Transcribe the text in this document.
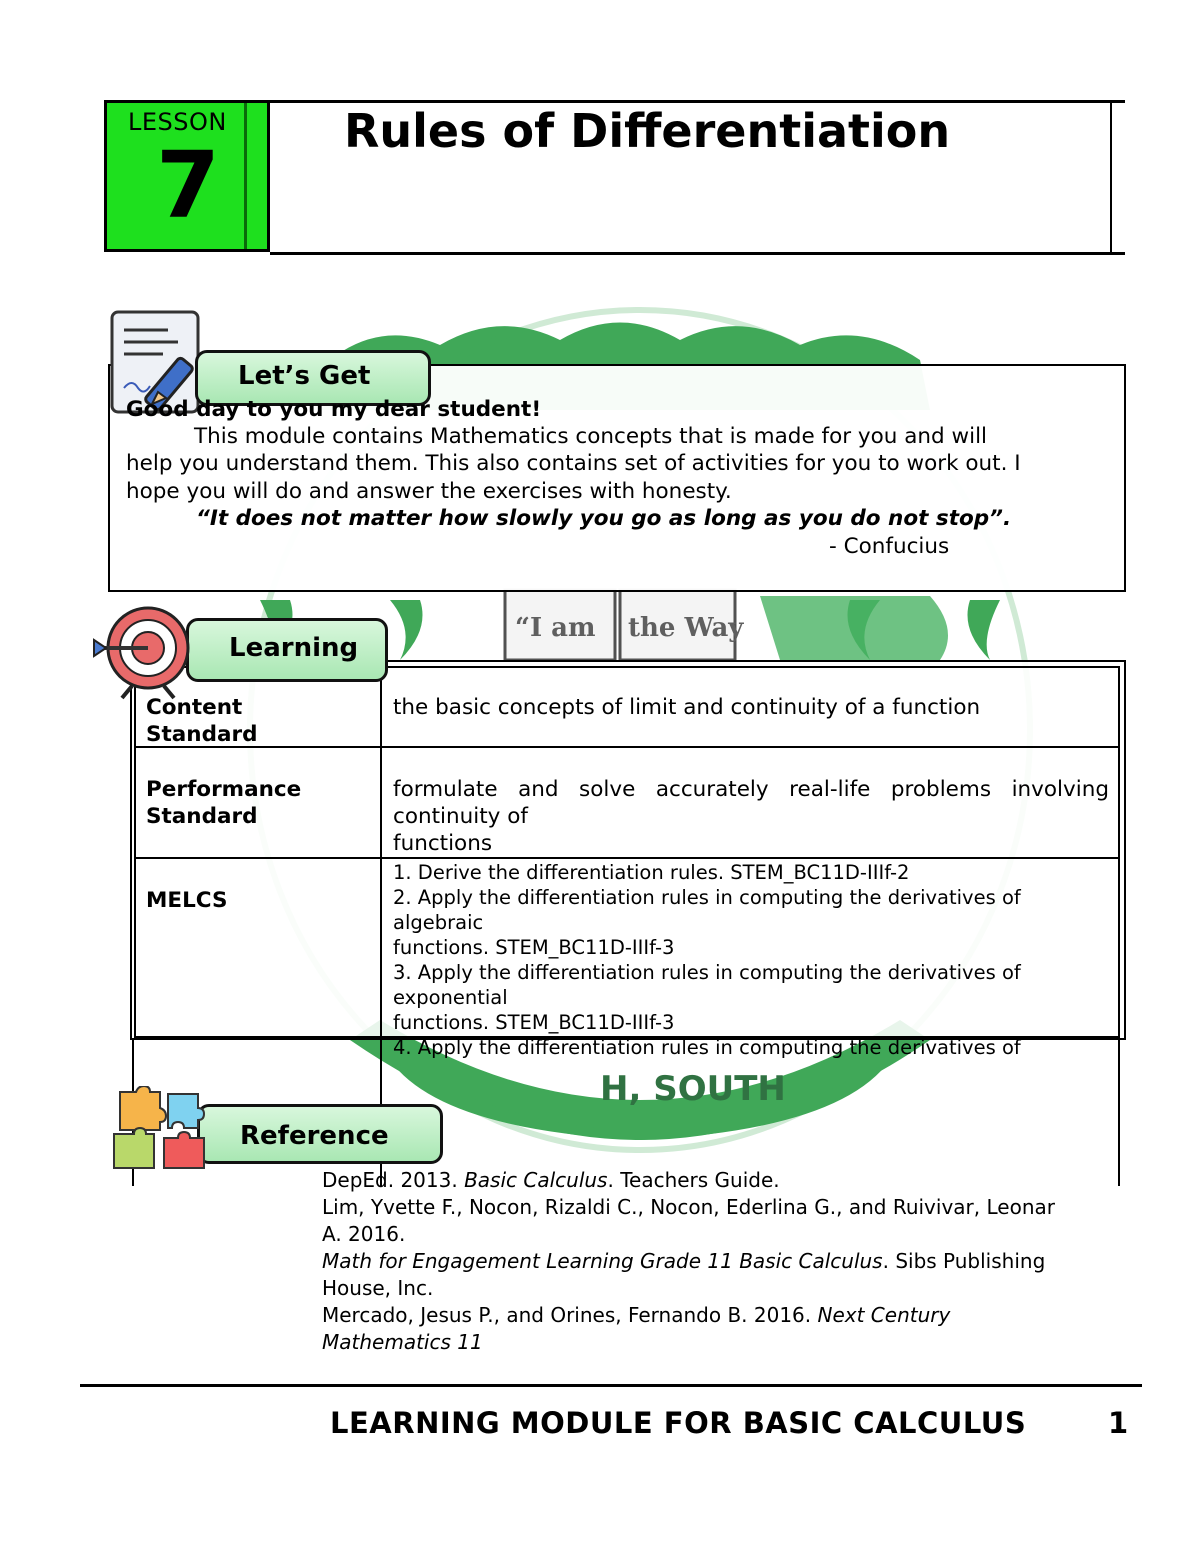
“I am the Way
H, SOUTH
LESSON
7
Rules of Differentiation
Let’s Get
Good day to you my dear student!
This module contains Mathematics concepts that is made for you and will
help you understand them. This also contains set of activities for you to work out. I
hope you will do and answer the exercises with honesty.
“It does not matter how slowly you go as long as you do not stop”.
- Confucius
Learning
Content
Standard
the basic concepts of limit and continuity of a function
Performance
Standard
formulate  and  solve  accurately  real-life  problems  involving
continuity of
functions
MELCS
1. Derive the differentiation rules. STEM_BC11D-IIIf-2
2. Apply the differentiation rules in computing the derivatives of
algebraic
functions. STEM_BC11D-IIIf-3
3. Apply the differentiation rules in computing the derivatives of
exponential
functions. STEM_BC11D-IIIf-3
4. Apply the differentiation rules in computing the derivatives of
Reference
DepEd. 2013. Basic Calculus. Teachers Guide.
Lim, Yvette F., Nocon, Rizaldi C., Nocon, Ederlina G., and Ruivivar, Leonar
A. 2016.
Math for Engagement Learning Grade 11 Basic Calculus. Sibs Publishing
House, Inc.
Mercado, Jesus P., and Orines, Fernando B. 2016. Next Century
Mathematics 11
LEARNING MODULE FOR BASIC CALCULUS	1
